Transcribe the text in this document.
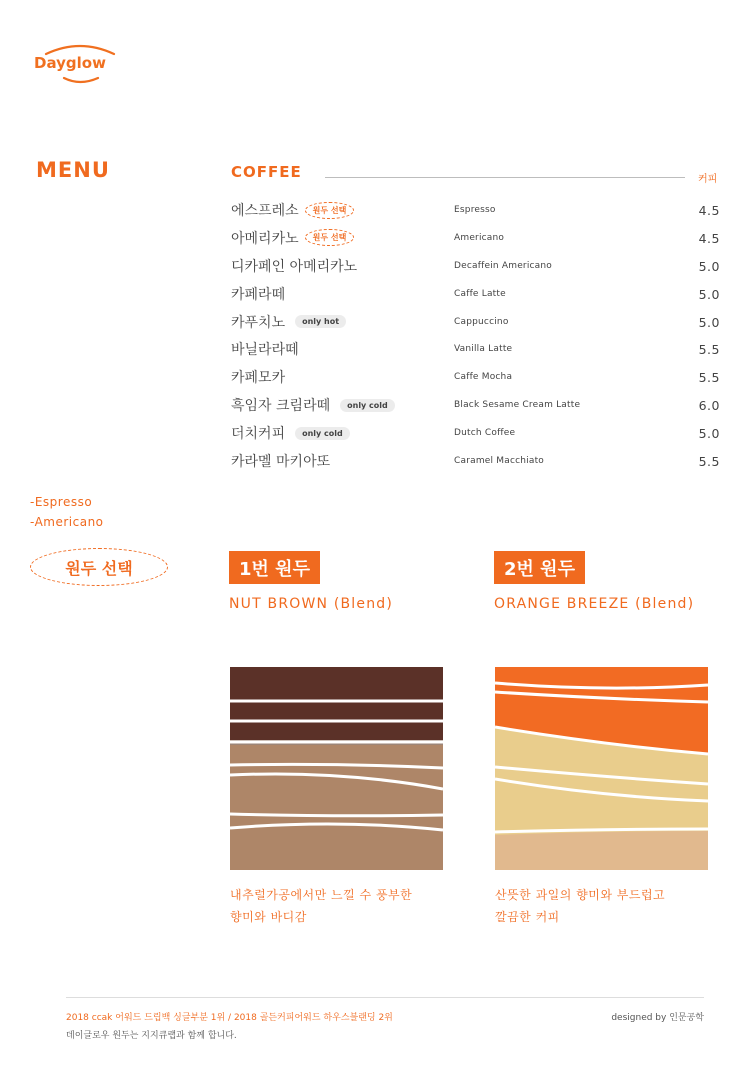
Dayglow
MENU	COFFEE	커피
에스프레소	원두 선택	Espresso	4.5
아메리카노	원두 선택	Americano	4.5
디카페인 아메리카노	Decaffein Americano	5.0
카페라떼	Caffe Latte	5.0
카푸치노	only hot	Cappuccino	5.0
바닐라라떼	Vanilla Latte	5.5
카페모카	Caffe Mocha	5.5
흑임자 크림라떼	only cold	Black Sesame Cream Latte	6.0
더치커피	only cold	Dutch Coffee	5.0
카라멜 마키아또	Caramel Macchiato	5.5
-Espresso
-Americano
원두 선택	1번 원두
NUT BROWN (Blend)
내추럴가공에서만 느낄 수 풍부한
향미와 바디감
2번 원두
ORANGE BREEZE (Blend)
산뜻한 과일의 향미와 부드럽고
깔끔한 커피
2018 ccak 어워드 드립백 싱글부분 1위 / 2018 골든커피어워드 하우스블랜딩 2위
데이글로우 원두는 지지큐랩과 함께 합니다.
designed by 인문공학
